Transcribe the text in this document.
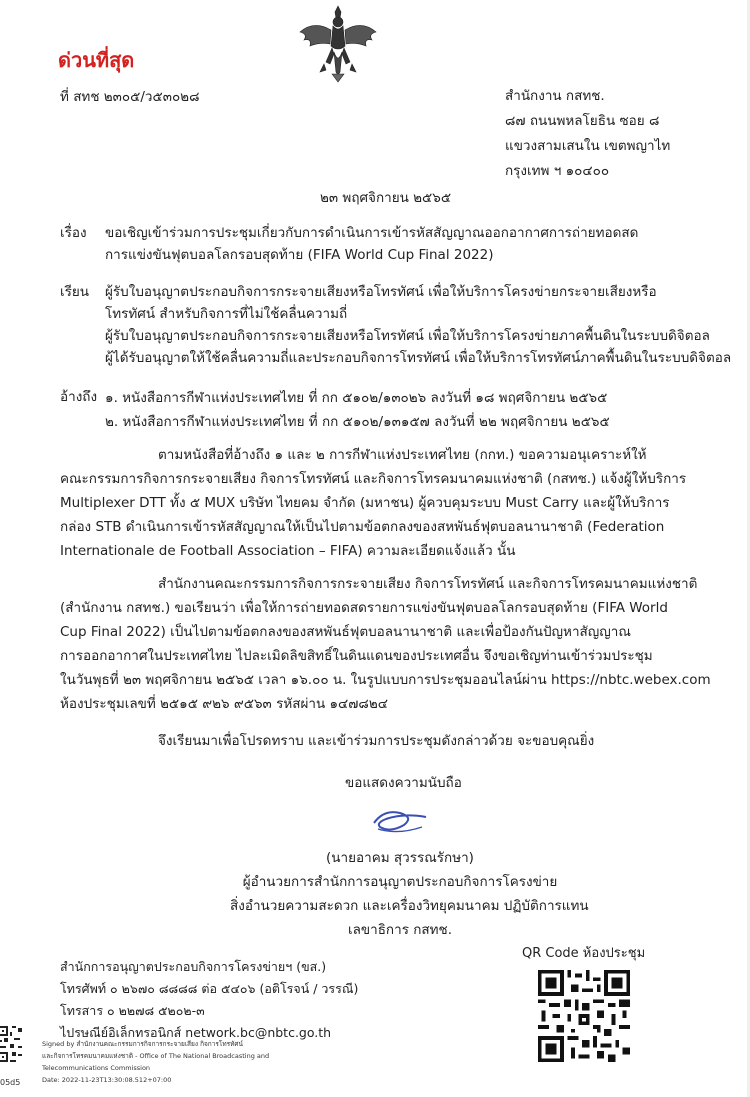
ด่วนที่สุด
ที่ สทช ๒๓๐๕/ว๕๓๐๒๘	สำนักงาน กสทช.
๘๗ ถนนพหลโยธิน ซอย ๘
แขวงสามเสนใน เขตพญาไท
กรุงเทพ ฯ ๑๐๔๐๐
๒๓ พฤศจิกายน ๒๕๖๕
เรื่อง ขอเชิญเข้าร่วมการประชุมเกี่ยวกับการดำเนินการเข้ารหัสสัญญาณออกอากาศการถ่ายทอดสด
การแข่งขันฟุตบอลโลกรอบสุดท้าย (FIFA World Cup Final 2022)
เรียน ผู้รับใบอนุญาตประกอบกิจการกระจายเสียงหรือโทรทัศน์ เพื่อให้บริการโครงข่ายกระจายเสียงหรือ
โทรทัศน์ สำหรับกิจการที่ไม่ใช้คลื่นความถี่
ผู้รับใบอนุญาตประกอบกิจการกระจายเสียงหรือโทรทัศน์ เพื่อให้บริการโครงข่ายภาคพื้นดินในระบบดิจิตอล
ผู้ได้รับอนุญาตให้ใช้คลื่นความถี่และประกอบกิจการโทรทัศน์ เพื่อให้บริการโทรทัศน์ภาคพื้นดินในระบบดิจิตอล
อ้างถึง ๑. หนังสือการกีฬาแห่งประเทศไทย ที่ กก ๕๑๐๒/๑๓๐๒๖ ลงวันที่ ๑๘ พฤศจิกายน ๒๕๖๕
๒. หนังสือการกีฬาแห่งประเทศไทย ที่ กก ๕๑๐๒/๑๓๑๕๗ ลงวันที่ ๒๒ พฤศจิกายน ๒๕๖๕
ตามหนังสือที่อ้างถึง ๑ และ ๒ การกีฬาแห่งประเทศไทย (กกท.) ขอความอนุเคราะห์ให้
คณะกรรมการกิจการกระจายเสียง กิจการโทรทัศน์ และกิจการโทรคมนาคมแห่งชาติ (กสทช.) แจ้งผู้ให้บริการ
Multiplexer DTT ทั้ง ๕ MUX บริษัท ไทยคม จำกัด (มหาชน) ผู้ควบคุมระบบ Must Carry และผู้ให้บริการ
กล่อง STB ดำเนินการเข้ารหัสสัญญาณให้เป็นไปตามข้อตกลงของสหพันธ์ฟุตบอลนานาชาติ (Federation
Internationale de Football Association – FIFA) ความละเอียดแจ้งแล้ว นั้น
สำนักงานคณะกรรมการกิจการกระจายเสียง กิจการโทรทัศน์ และกิจการโทรคมนาคมแห่งชาติ
(สำนักงาน กสทช.) ขอเรียนว่า เพื่อให้การถ่ายทอดสดรายการแข่งขันฟุตบอลโลกรอบสุดท้าย (FIFA World
Cup Final 2022) เป็นไปตามข้อตกลงของสหพันธ์ฟุตบอลนานาชาติ และเพื่อป้องกันปัญหาสัญญาณ
การออกอากาศในประเทศไทย ไปละเมิดลิขสิทธิ์ในดินแดนของประเทศอื่น จึงขอเชิญท่านเข้าร่วมประชุม
ในวันพุธที่ ๒๓ พฤศจิกายน ๒๕๖๕ เวลา ๑๖.๐๐ น. ในรูปแบบการประชุมออนไลน์ผ่าน https://nbtc.webex.com
ห้องประชุมเลขที่ ๒๕๑๕ ๙๒๖ ๙๕๖๓ รหัสผ่าน ๑๔๗๘๒๔
จึงเรียนมาเพื่อโปรดทราบ และเข้าร่วมการประชุมดังกล่าวด้วย จะขอบคุณยิ่ง
ขอแสดงความนับถือ
(นายอาคม สุวรรณรักษา)
ผู้อำนวยการสำนักการอนุญาตประกอบกิจการโครงข่าย
สิ่งอำนวยความสะดวก และเครื่องวิทยุคมนาคม ปฏิบัติการแทน
เลขาธิการ กสทช.
QR Code ห้องประชุม
สำนักการอนุญาตประกอบกิจการโครงข่ายฯ (ขส.)
โทรศัพท์ ๐ ๒๖๗๐ ๘๘๘๘ ต่อ ๕๔๐๖ (อติโรจน์ / วรรณี)
โทรสาร ๐ ๒๒๗๘ ๕๒๐๒-๓
ไปรษณีย์อิเล็กทรอนิกส์ network.bc@nbtc.go.th
Signed by สำนักงานคณะกรรมการกิจการกระจายเสียง กิจการโทรทัศน์
และกิจการโทรคมนาคมแห่งชาติ - Office of The National Broadcasting and
Telecommunications Commission
Date: 2022-11-23T13:30:08.512+07:00
05d5
